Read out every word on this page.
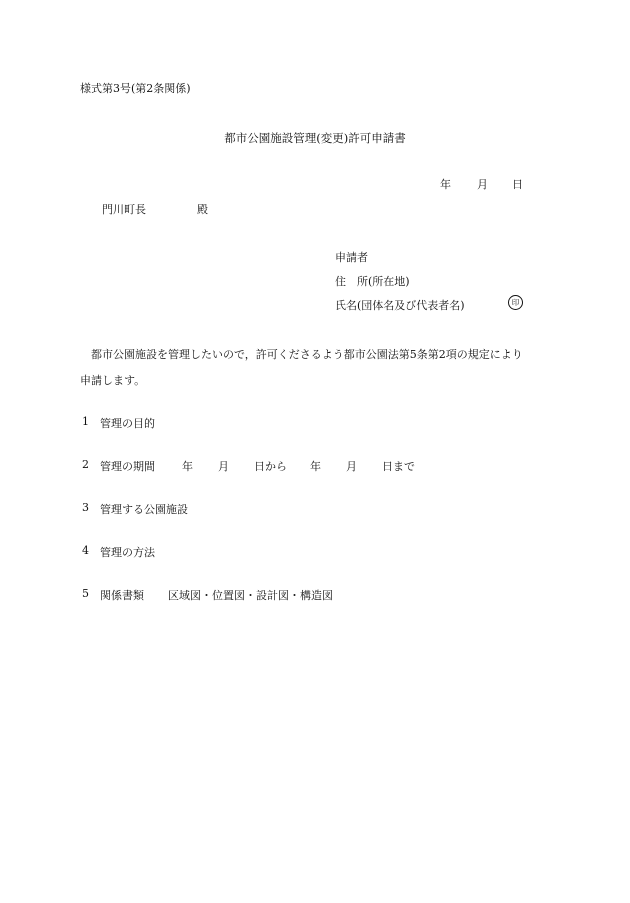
様式第3号(第2条関係)
都市公園施設管理(変更)許可申請書
年 月 日
門川町長	殿
申請者
住　所(所在地)
氏名(団体名及び代表者名)	印
都市公園施設を管理したいので，許可くださるよう都市公園法第5条第2項の規定により
申請します。
1 管理の目的
2 管理の期間 年 月 日から 年 月 日まで
3 管理する公園施設
4 管理の方法
5 関係書類 区域図・位置図・設計図・構造図
